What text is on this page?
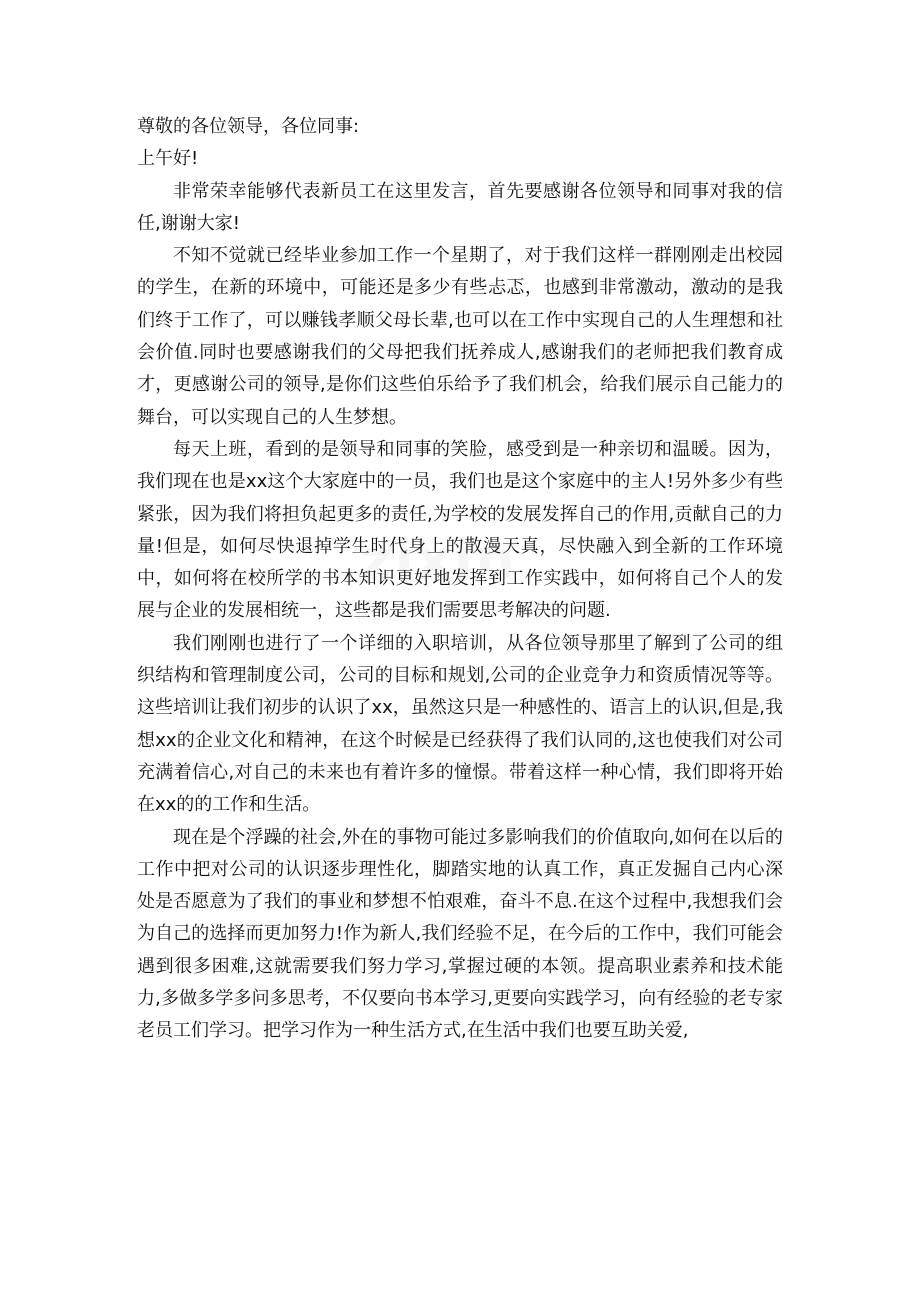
尊敬的各位领导，各位同事:

上午好!

非常荣幸能够代表新员工在这里发言，首先要感谢各位领导和同事对我的信任,谢谢大家!

不知不觉就已经毕业参加工作一个星期了，对于我们这样一群刚刚走出校园的学生，在新的环境中，可能还是多少有些忐忑，也感到非常激动，激动的是我们终于工作了，可以赚钱孝顺父母长辈,也可以在工作中实现自己的人生理想和社会价值.同时也要感谢我们的父母把我们抚养成人,感谢我们的老师把我们教育成才，更感谢公司的领导,是你们这些伯乐给予了我们机会，给我们展示自己能力的舞台，可以实现自己的人生梦想。

每天上班，看到的是领导和同事的笑脸，感受到是一种亲切和温暖。因为，我们现在也是xx这个大家庭中的一员，我们也是这个家庭中的主人!另外多少有些紧张，因为我们将担负起更多的责任,为学校的发展发挥自己的作用,贡献自己的力量!但是，如何尽快退掉学生时代身上的散漫天真，尽快融入到全新的工作环境中，如何将在校所学的书本知识更好地发挥到工作实践中，如何将自己个人的发展与企业的发展相统一，这些都是我们需要思考解决的问题.

我们刚刚也进行了一个详细的入职培训，从各位领导那里了解到了公司的组织结构和管理制度公司，公司的目标和规划,公司的企业竞争力和资质情况等等。这些培训让我们初步的认识了xx，虽然这只是一种感性的、语言上的认识,但是,我想xx的企业文化和精神，在这个时候是已经获得了我们认同的,这也使我们对公司充满着信心,对自己的未来也有着许多的憧憬。带着这样一种心情，我们即将开始在xx的的工作和生活。

现在是个浮躁的社会,外在的事物可能过多影响我们的价值取向,如何在以后的工作中把对公司的认识逐步理性化，脚踏实地的认真工作，真正发掘自己内心深处是否愿意为了我们的事业和梦想不怕艰难，奋斗不息.在这个过程中,我想我们会为自己的选择而更加努力!作为新人,我们经验不足，在今后的工作中，我们可能会遇到很多困难,这就需要我们努力学习,掌握过硬的本领。提高职业素养和技术能力,多做多学多问多思考，不仅要向书本学习,更要向实践学习，向有经验的老专家老员工们学习。把学习作为一种生活方式,在生活中我们也要互助关爱,
